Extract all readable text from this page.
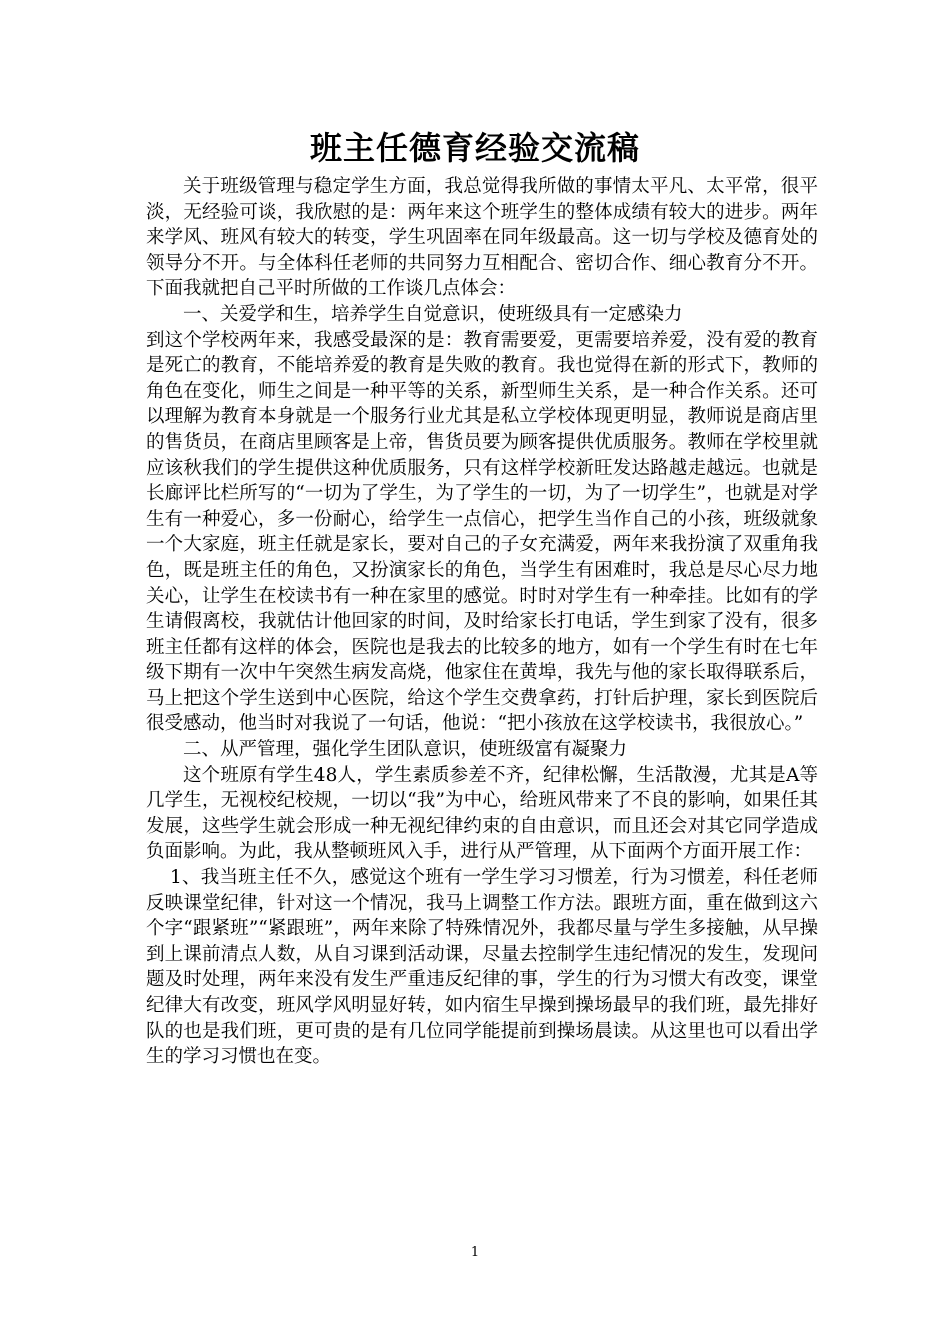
班主任德育经验交流稿

关于班级管理与稳定学生方面，我总觉得我所做的事情太平凡、太平常，很平淡，无经验可谈，我欣慰的是：两年来这个班学生的整体成绩有较大的进步。两年来学风、班风有较大的转变，学生巩固率在同年级最高。这一切与学校及德育处的领导分不开。与全体科任老师的共同努力互相配合、密切合作、细心教育分不开。下面我就把自己平时所做的工作谈几点体会：

一、关爱学和生，培养学生自觉意识，使班级具有一定感染力

到这个学校两年来，我感受最深的是：教育需要爱，更需要培养爱，没有爱的教育是死亡的教育，不能培养爱的教育是失败的教育。我也觉得在新的形式下，教师的角色在变化，师生之间是一种平等的关系，新型师生关系，是一种合作关系。还可以理解为教育本身就是一个服务行业尤其是私立学校体现更明显，教师说是商店里的售货员，在商店里顾客是上帝，售货员要为顾客提供优质服务。教师在学校里就应该秋我们的学生提供这种优质服务，只有这样学校新旺发达路越走越远。也就是长廊评比栏所写的“一切为了学生，为了学生的一切，为了一切学生”，也就是对学生有一种爱心，多一份耐心，给学生一点信心，把学生当作自己的小孩，班级就象一个大家庭，班主任就是家长，要对自己的子女充满爱，两年来我扮演了双重角我色，既是班主任的角色，又扮演家长的角色，当学生有困难时，我总是尽心尽力地关心，让学生在校读书有一种在家里的感觉。时时对学生有一种牵挂。比如有的学生请假离校，我就估计他回家的时间，及时给家长打电话，学生到家了没有，很多班主任都有这样的体会，医院也是我去的比较多的地方，如有一个学生有时在七年级下期有一次中午突然生病发高烧，他家住在黄埠，我先与他的家长取得联系后，马上把这个学生送到中心医院，给这个学生交费拿药，打针后护理，家长到医院后很受感动，他当时对我说了一句话，他说：“把小孩放在这学校读书，我很放心。”

二、从严管理，强化学生团队意识，使班级富有凝聚力

这个班原有学生48人，学生素质参差不齐，纪律松懈，生活散漫，尤其是A等几学生，无视校纪校规，一切以“我”为中心，给班风带来了不良的影响，如果任其发展，这些学生就会形成一种无视纪律约束的自由意识，而且还会对其它同学造成负面影响。为此，我从整顿班风入手，进行从严管理，从下面两个方面开展工作：

1、我当班主任不久，感觉这个班有一学生学习习惯差，行为习惯差，科任老师反映课堂纪律，针对这一个情况，我马上调整工作方法。跟班方面，重在做到这六个字“跟紧班”“紧跟班”，两年来除了特殊情况外，我都尽量与学生多接触，从早操到上课前清点人数，从自习课到活动课，尽量去控制学生违纪情况的发生，发现问题及时处理，两年来没有发生严重违反纪律的事，学生的行为习惯大有改变，课堂纪律大有改变，班风学风明显好转，如内宿生早操到操场最早的我们班，最先排好队的也是我们班，更可贵的是有几位同学能提前到操场晨读。从这里也可以看出学生的学习习惯也在变。

1
